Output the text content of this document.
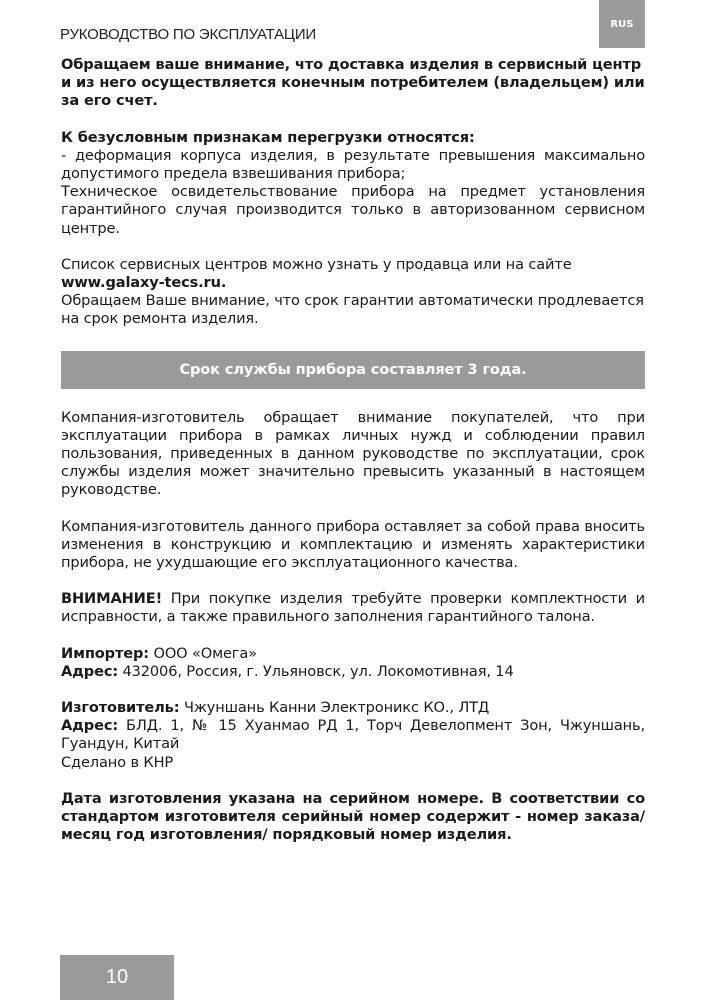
РУКОВОДСТВО ПО ЭКСПЛУАТАЦИИ
RUS

Обращаем ваше внимание, что доставка изделия в сервисный центр и из него осуществляется конечным потребителем (владельцем) или за его счет.

К безусловным признакам перегрузки относятся:

- деформация корпуса изделия, в результате превышения максимально допустимого предела взвешивания прибора;

Техническое освидетельствование прибора на предмет установления гарантийного случая производится только в авторизованном сервисном центре.

Список сервисных центров можно узнать у продавца или на сайте

www.galaxy-tecs.ru.

Обращаем Ваше внимание, что срок гарантии автоматически продлевается на срок ремонта изделия.

Срок службы прибора составляет 3 года.

Компания-изготовитель обращает внимание покупателей, что при эксплуатации прибора в рамках личных нужд и соблюдении правил пользования, приведенных в данном руководстве по эксплуатации, срок службы изделия может значительно превысить указанный в настоящем руководстве.

Компания-изготовитель данного прибора оставляет за собой права вносить изменения в конструкцию и комплектацию и изменять характеристики прибора, не ухудшающие его эксплуатационного качества.

ВНИМАНИЕ! При покупке изделия требуйте проверки комплектности и исправности, а также правильного заполнения гарантийного талона.

Импортер: ООО «Омега»

Адрес: 432006, Россия, г. Ульяновск, ул. Локомотивная, 14

Изготовитель: Чжуншань Канни Электроникс КО., ЛТД

Адрес: БЛД. 1, № 15 Хуанмао РД 1, Торч Девелопмент Зон, Чжуншань, Гуандун, Китай

Сделано в КНР

Дата изготовления указана на серийном номере. В соответствии со стандартом изготовителя серийный номер содержит - номер заказа/месяц год изготовления/ порядковый номер изделия.

10
